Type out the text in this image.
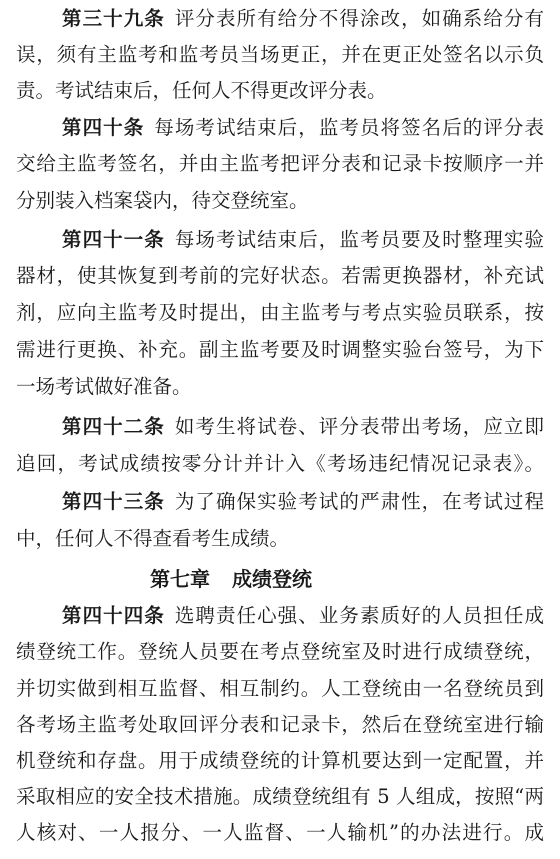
第三十九条 评分表所有给分不得涂改，如确系给分有
误，须有主监考和监考员当场更正，并在更正处签名以示负
责。考试结束后，任何人不得更改评分表。
第四十条 每场考试结束后，监考员将签名后的评分表
交给主监考签名，并由主监考把评分表和记录卡按顺序一并
分别装入档案袋内，待交登统室。
第四十一条 每场考试结束后，监考员要及时整理实验
器材，使其恢复到考前的完好状态。若需更换器材，补充试
剂，应向主监考及时提出，由主监考与考点实验员联系，按
需进行更换、补充。副主监考要及时调整实验台签号，为下
一场考试做好准备。
第四十二条 如考生将试卷、评分表带出考场，应立即
追回，考试成绩按零分计并计入《考场违纪情况记录表》。
第四十三条 为了确保实验考试的严肃性，在考试过程
中，任何人不得查看考生成绩。
第七章 成绩登统
第四十四条 选聘责任心强、业务素质好的人员担任成
绩登统工作。登统人员要在考点登统室及时进行成绩登统，
并切实做到相互监督、相互制约。人工登统由一名登统员到
各考场主监考处取回评分表和记录卡，然后在登统室进行输
机登统和存盘。用于成绩登统的计算机要达到一定配置，并
采取相应的安全技术措施。成绩登统组有 5 人组成，按照“两
人核对、一人报分、一人监督、一人输机”的办法进行。成
